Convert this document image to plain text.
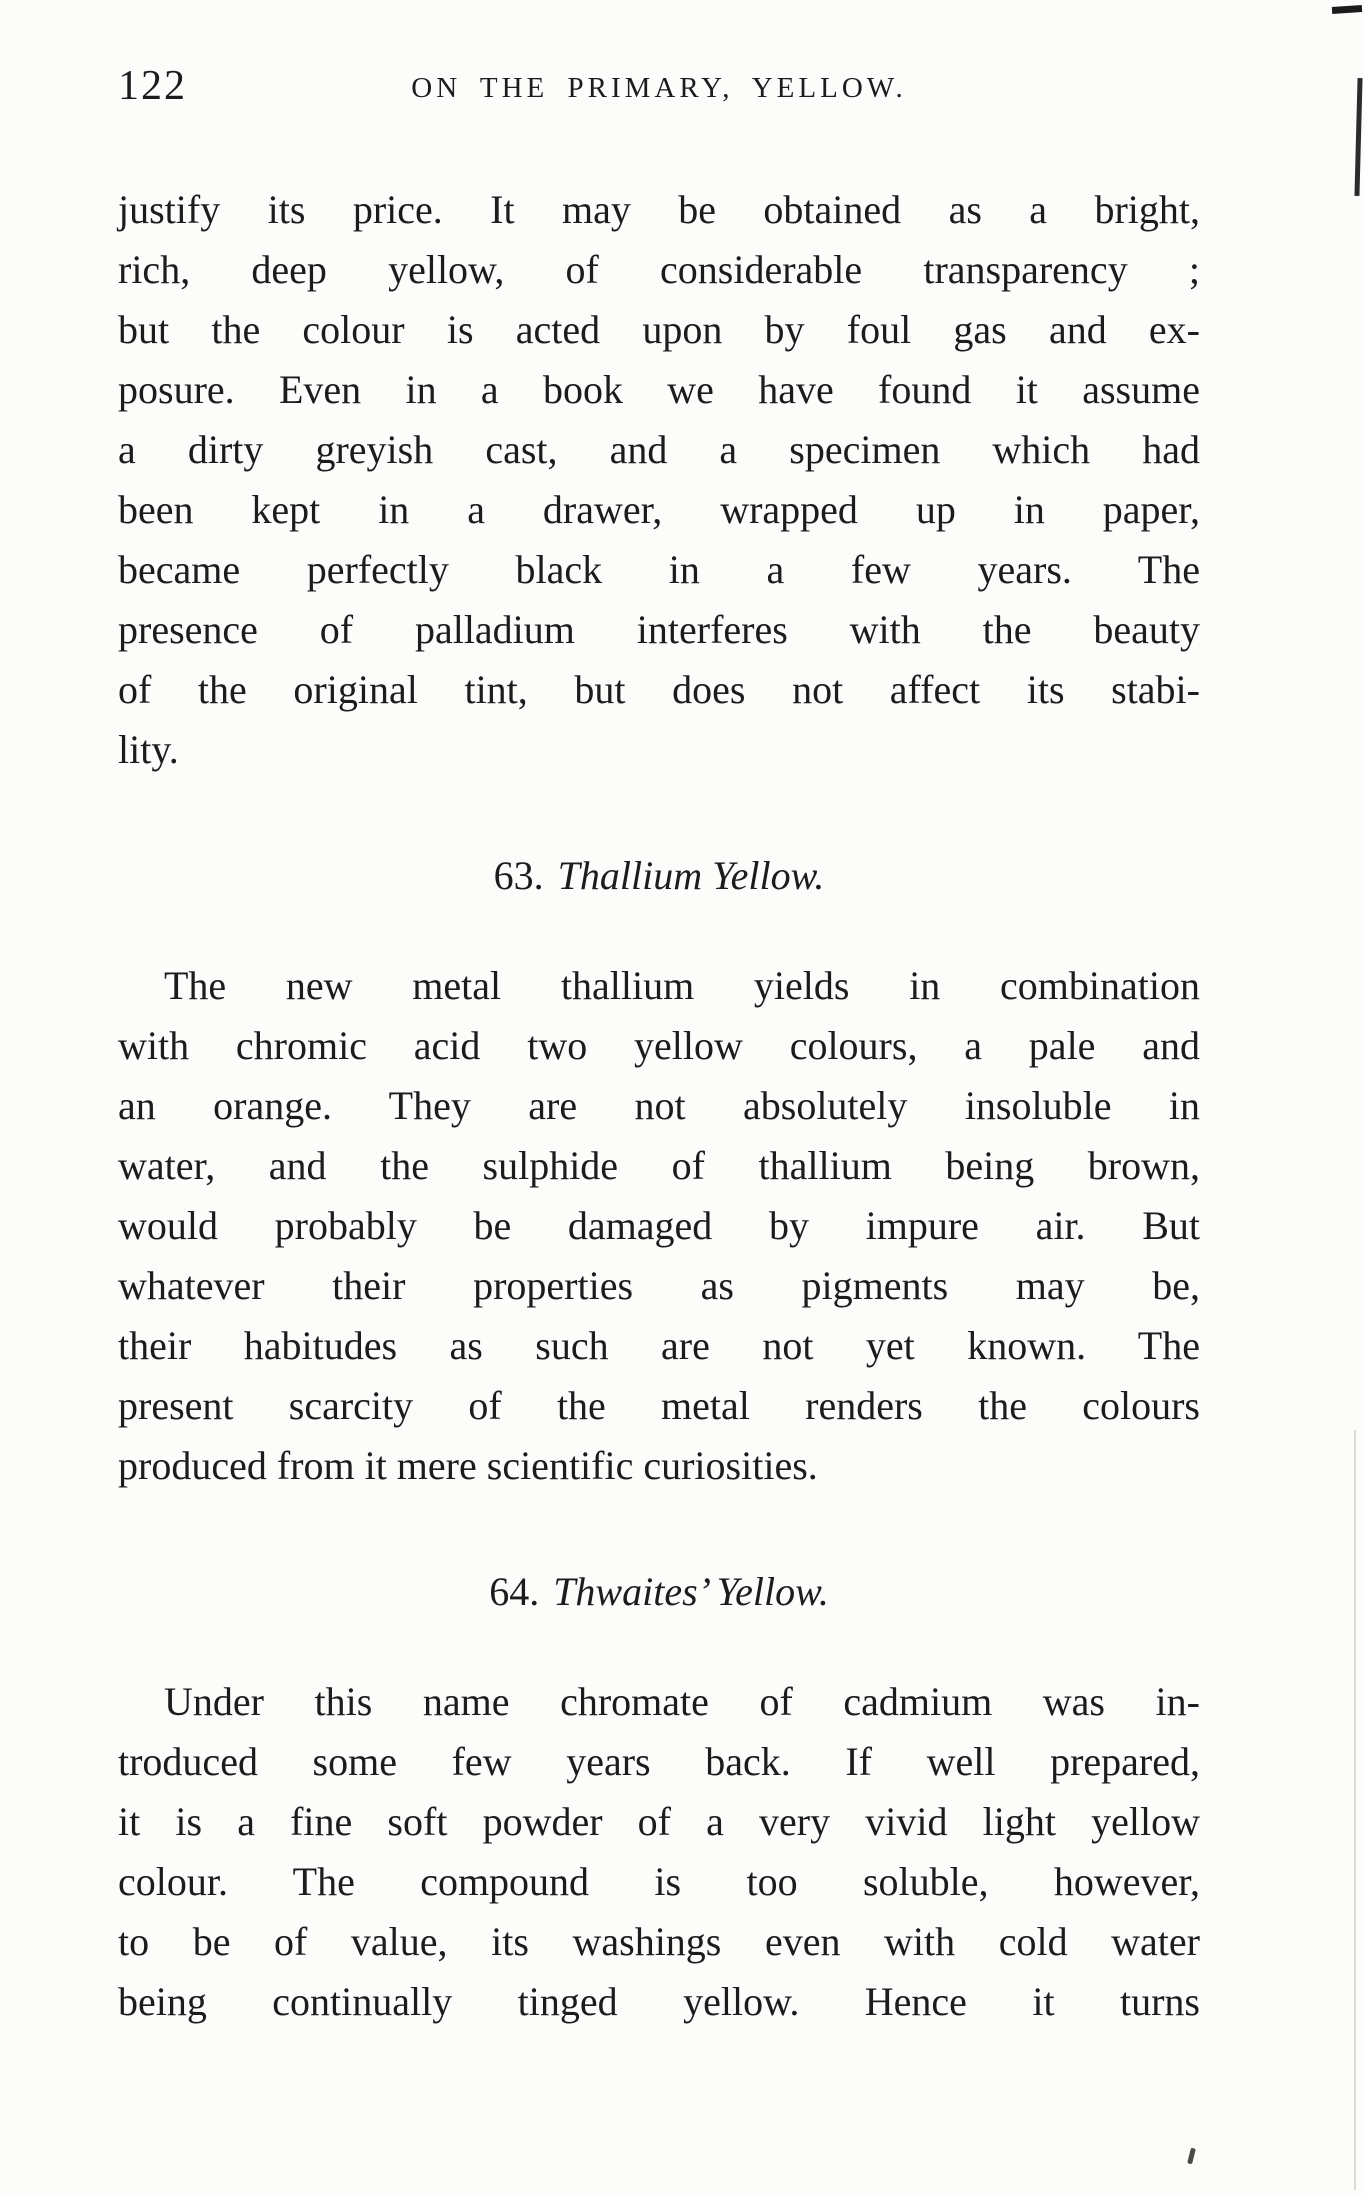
122	ON THE PRIMARY, YELLOW.
justify its price. It may be obtained as a bright,
rich, deep yellow, of considerable transparency ;
but the colour is acted upon by foul gas and ex-
posure. Even in a book we have found it assume
a dirty greyish cast, and a specimen which had
been kept in a drawer, wrapped up in paper,
became perfectly black in a few years. The
presence of palladium interferes with the beauty
of the original tint, but does not affect its stabi-
lity.
63. Thallium Yellow.
The new metal thallium yields in combination
with chromic acid two yellow colours, a pale and
an orange. They are not absolutely insoluble in
water, and the sulphide of thallium being brown,
would probably be damaged by impure air. But
whatever their properties as pigments may be,
their habitudes as such are not yet known. The
present scarcity of the metal renders the colours
produced from it mere scientific curiosities.
64. Thwaites’ Yellow.
Under this name chromate of cadmium was in-
troduced some few years back. If well prepared,
it is a fine soft powder of a very vivid light yellow
colour. The compound is too soluble, however,
to be of value, its washings even with cold water
being continually tinged yellow. Hence it turns
